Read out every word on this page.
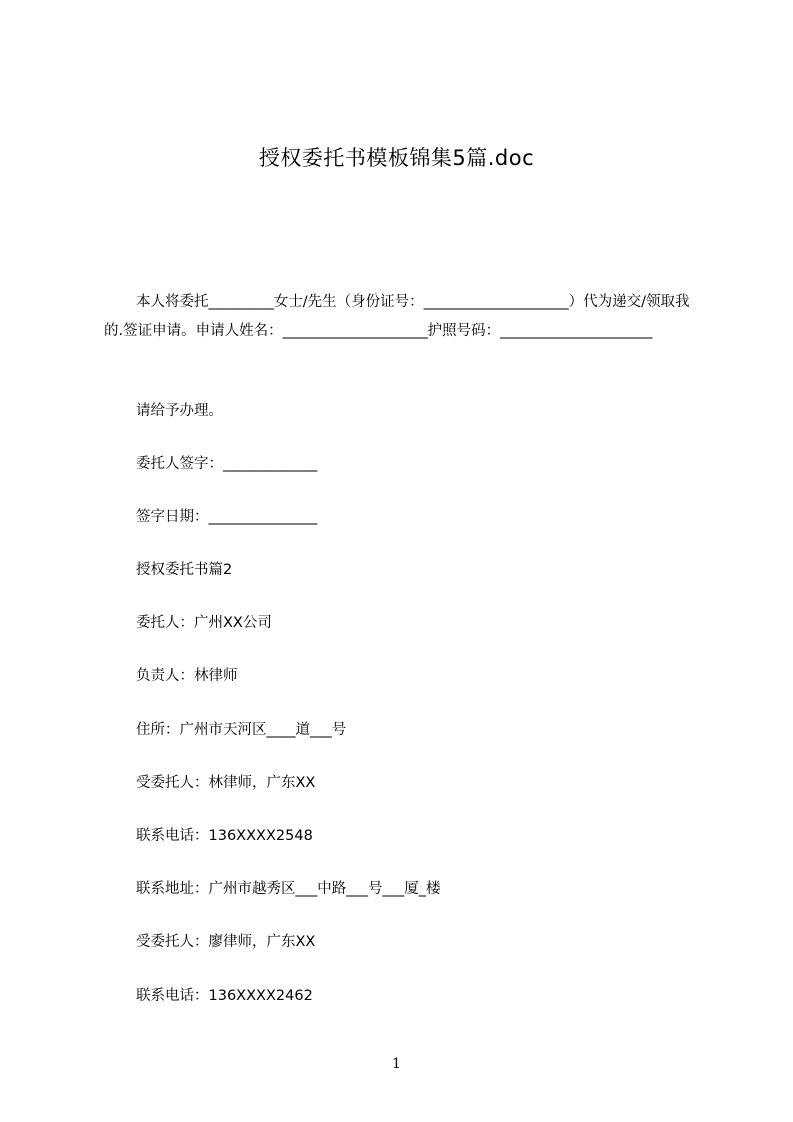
授权委托书模板锦集5篇.doc
本人将委托_________女士/先生（身份证号：____________________）代为递交/领取我的.签证申请。申请人姓名：____________________护照号码：_____________________
请给予办理。
委托人签字：_____________
签字日期：_______________
授权委托书篇2
委托人：广州XX公司
负责人：林律师
住所：广州市天河区____道___号
受委托人：林律师，广东XX
联系电话：136XXXX2548
联系地址：广州市越秀区___中路___号___厦_楼
受委托人：廖律师，广东XX
联系电话：136XXXX2462
1
